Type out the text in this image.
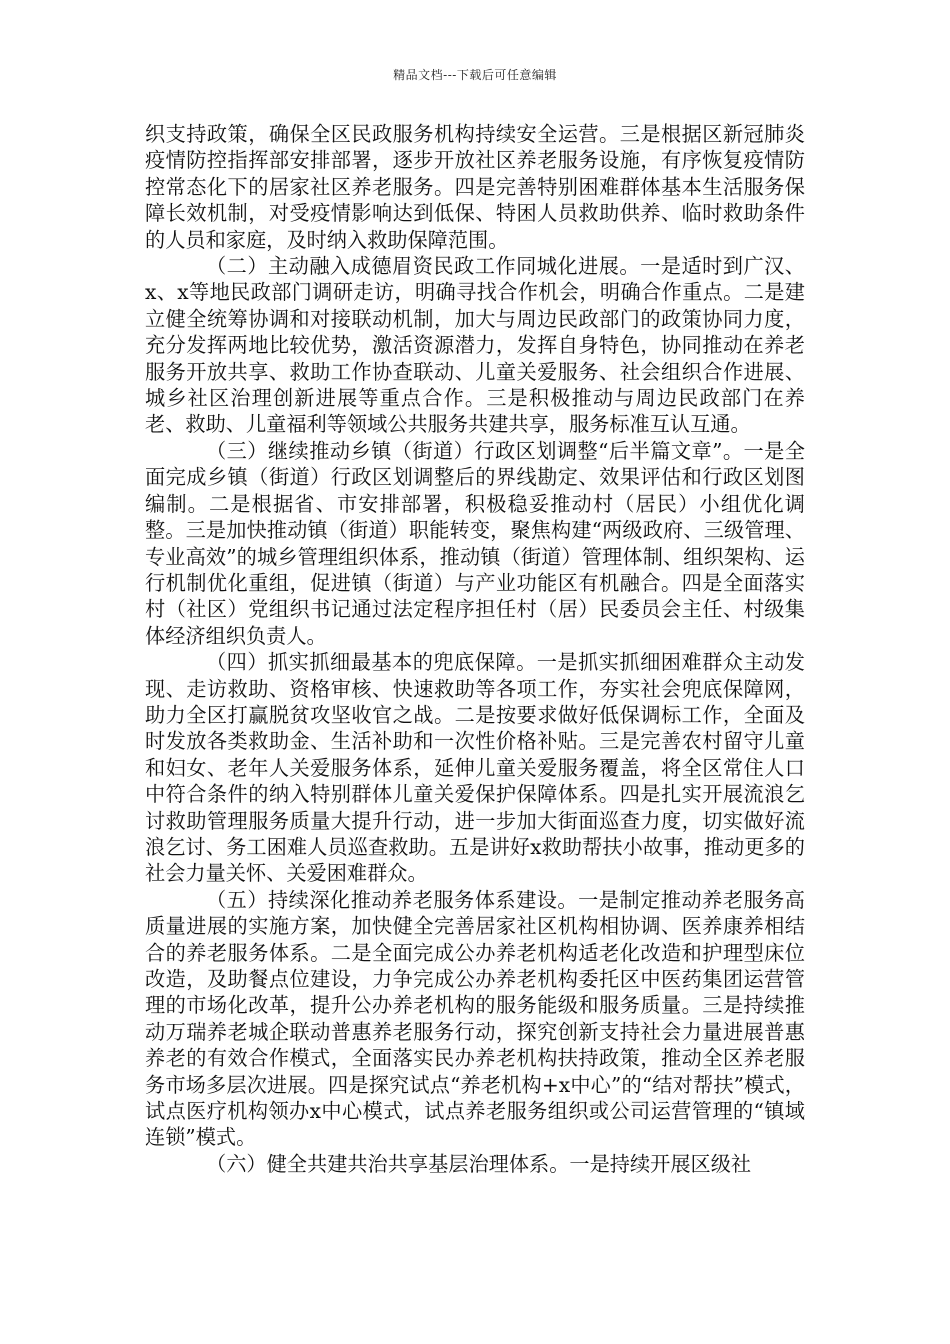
精品文档---下载后可任意编辑

织支持政策，确保全区民政服务机构持续安全运营。三是根据区新冠肺炎疫情防控指挥部安排部署，逐步开放社区养老服务设施，有序恢复疫情防控常态化下的居家社区养老服务。四是完善特别困难群体基本生活服务保障长效机制，对受疫情影响达到低保、特困人员救助供养、临时救助条件的人员和家庭，及时纳入救助保障范围。

（二）主动融入成德眉资民政工作同城化进展。一是适时到广汉、x、x等地民政部门调研走访，明确寻找合作机会，明确合作重点。二是建立健全统筹协调和对接联动机制，加大与周边民政部门的政策协同力度，充分发挥两地比较优势，激活资源潜力，发挥自身特色，协同推动在养老服务开放共享、救助工作协查联动、儿童关爱服务、社会组织合作进展、城乡社区治理创新进展等重点合作。三是积极推动与周边民政部门在养老、救助、儿童福利等领域公共服务共建共享，服务标准互认互通。

（三）继续推动乡镇（街道）行政区划调整“后半篇文章”。一是全面完成乡镇（街道）行政区划调整后的界线勘定、效果评估和行政区划图编制。二是根据省、市安排部署，积极稳妥推动村（居民）小组优化调整。三是加快推动镇（街道）职能转变，聚焦构建“两级政府、三级管理、专业高效”的城乡管理组织体系，推动镇（街道）管理体制、组织架构、运行机制优化重组，促进镇（街道）与产业功能区有机融合。四是全面落实村（社区）党组织书记通过法定程序担任村（居）民委员会主任、村级集体经济组织负责人。

（四）抓实抓细最基本的兜底保障。一是抓实抓细困难群众主动发现、走访救助、资格审核、快速救助等各项工作，夯实社会兜底保障网，助力全区打赢脱贫攻坚收官之战。二是按要求做好低保调标工作，全面及时发放各类救助金、生活补助和一次性价格补贴。三是完善农村留守儿童和妇女、老年人关爱服务体系，延伸儿童关爱服务覆盖，将全区常住人口中符合条件的纳入特别群体儿童关爱保护保障体系。四是扎实开展流浪乞讨救助管理服务质量大提升行动，进一步加大街面巡查力度，切实做好流浪乞讨、务工困难人员巡查救助。五是讲好x救助帮扶小故事，推动更多的社会力量关怀、关爱困难群众。

（五）持续深化推动养老服务体系建设。一是制定推动养老服务高质量进展的实施方案，加快健全完善居家社区机构相协调、医养康养相结合的养老服务体系。二是全面完成公办养老机构适老化改造和护理型床位改造，及助餐点位建设，力争完成公办养老机构委托区中医药集团运营管理的市场化改革，提升公办养老机构的服务能级和服务质量。三是持续推动万瑞养老城企联动普惠养老服务行动，探究创新支持社会力量进展普惠养老的有效合作模式，全面落实民办养老机构扶持政策，推动全区养老服务市场多层次进展。四是探究试点“养老机构+x中心”的“结对帮扶”模式，试点医疗机构领办x中心模式，试点养老服务组织或公司运营管理的“镇域连锁”模式。

（六）健全共建共治共享基层治理体系。一是持续开展区级社
